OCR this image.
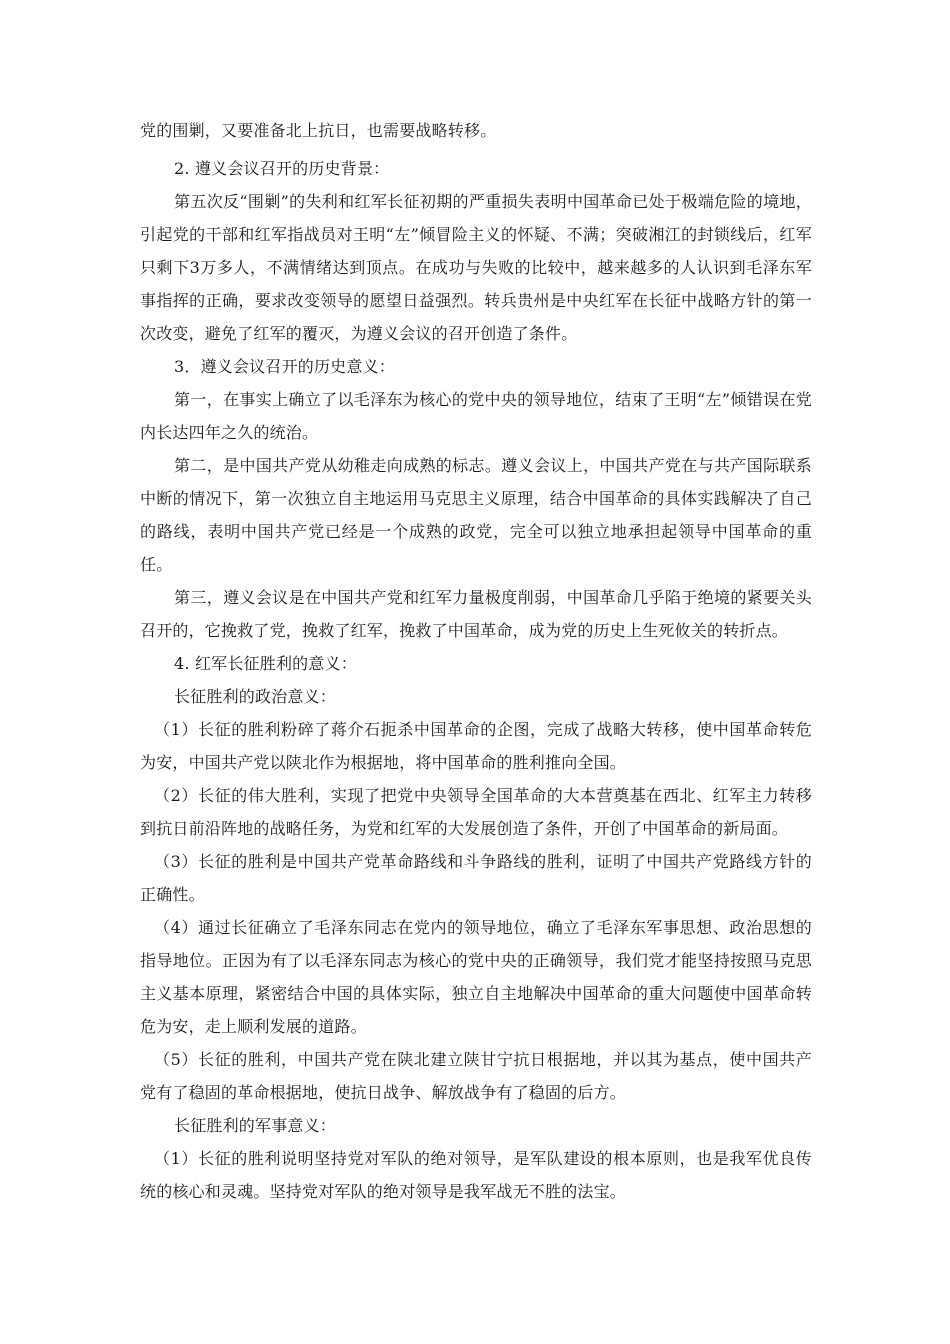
党的围剿，又要准备北上抗日，也需要战略转移。

2. 遵义会议召开的历史背景：

第五次反“围剿”的失利和红军长征初期的严重损失表明中国革命已处于极端危险的境地，引起党的干部和红军指战员对王明“左”倾冒险主义的怀疑、不满；突破湘江的封锁线后，红军只剩下3万多人，不满情绪达到顶点。在成功与失败的比较中，越来越多的人认识到毛泽东军事指挥的正确，要求改变领导的愿望日益强烈。转兵贵州是中央红军在长征中战略方针的第一次改变，避免了红军的覆灭，为遵义会议的召开创造了条件。

3．遵义会议召开的历史意义：

第一，在事实上确立了以毛泽东为核心的党中央的领导地位，结束了王明“左”倾错误在党内长达四年之久的统治。

第二，是中国共产党从幼稚走向成熟的标志。遵义会议上，中国共产党在与共产国际联系中断的情况下，第一次独立自主地运用马克思主义原理，结合中国革命的具体实践解决了自己的路线，表明中国共产党已经是一个成熟的政党，完全可以独立地承担起领导中国革命的重任。

第三，遵义会议是在中国共产党和红军力量极度削弱，中国革命几乎陷于绝境的紧要关头召开的，它挽救了党，挽救了红军，挽救了中国革命，成为党的历史上生死攸关的转折点。

4. 红军长征胜利的意义：

长征胜利的政治意义：

（1）长征的胜利粉碎了蒋介石扼杀中国革命的企图，完成了战略大转移，使中国革命转危为安，中国共产党以陕北作为根据地，将中国革命的胜利推向全国。

（2）长征的伟大胜利，实现了把党中央领导全国革命的大本营奠基在西北、红军主力转移到抗日前沿阵地的战略任务，为党和红军的大发展创造了条件，开创了中国革命的新局面。

（3）长征的胜利是中国共产党革命路线和斗争路线的胜利，证明了中国共产党路线方针的正确性。

（4）通过长征确立了毛泽东同志在党内的领导地位，确立了毛泽东军事思想、政治思想的指导地位。正因为有了以毛泽东同志为核心的党中央的正确领导，我们党才能坚持按照马克思主义基本原理，紧密结合中国的具体实际，独立自主地解决中国革命的重大问题使中国革命转危为安，走上顺利发展的道路。

（5）长征的胜利，中国共产党在陕北建立陕甘宁抗日根据地，并以其为基点，使中国共产党有了稳固的革命根据地，使抗日战争、解放战争有了稳固的后方。

长征胜利的军事意义：

（1）长征的胜利说明坚持党对军队的绝对领导，是军队建设的根本原则，也是我军优良传统的核心和灵魂。坚持党对军队的绝对领导是我军战无不胜的法宝。
